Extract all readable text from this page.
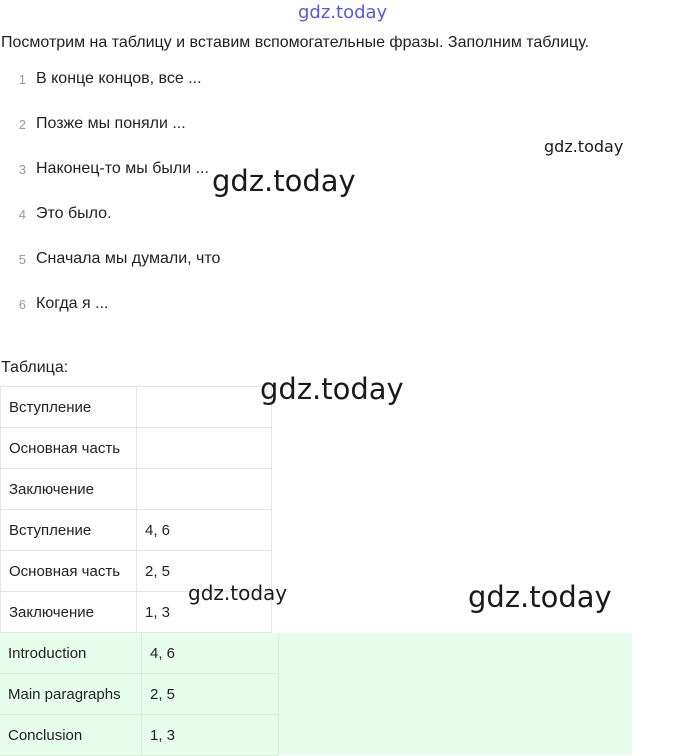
gdz.today
Посмотрим на таблицу и вставим вспомогательные фразы. Заполним таблицу.
1 В конце концов, все ...
2 Позже мы поняли ...
3 Наконец-то мы были ...
4 Это было.
5 Сначала мы думали, что
6 Когда я ...
Таблица:
Вступление	
Основная часть	
Заключение	
Вступление	4, 6
Основная часть	2, 5
Заключение	1, 3
Introduction	4, 6
Main paragraphs	2, 5
Conclusion	1, 3
gdz.today
gdz.today
gdz.today
gdz.today	gdz.today
